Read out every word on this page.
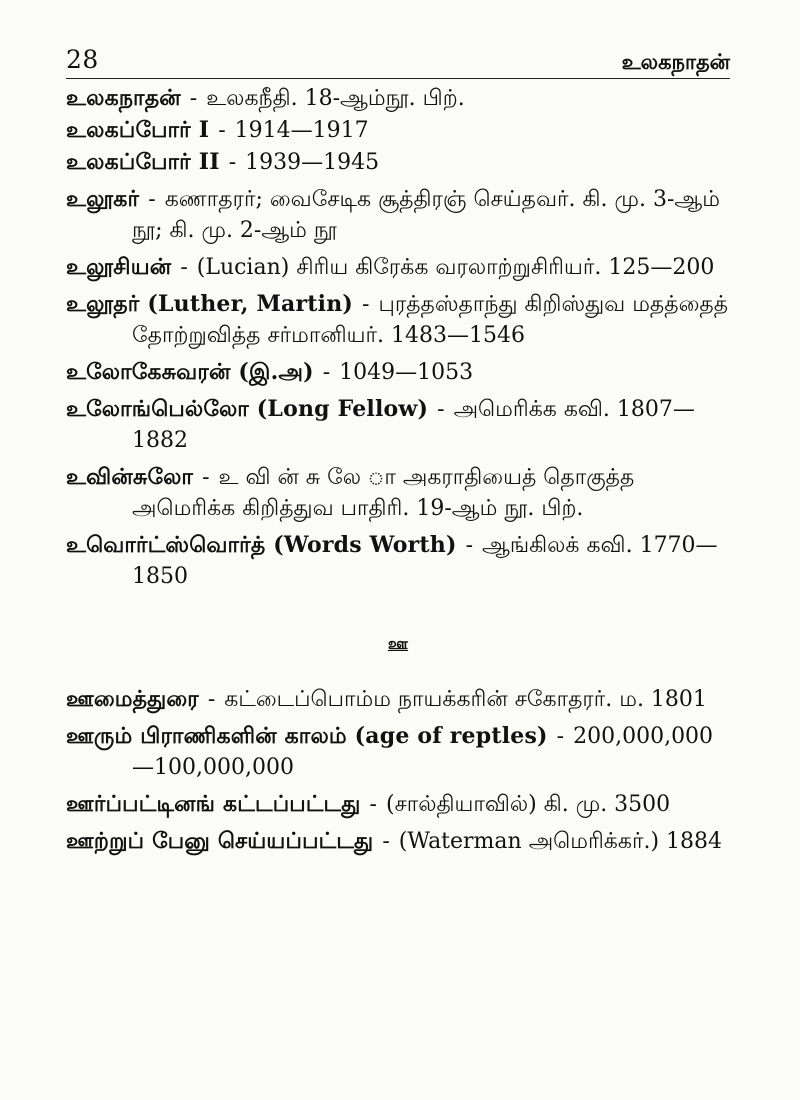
28	உலகநாதன்

உலகநாதன் - உலகநீதி. 18-ஆம்நூ. பிற்.

உலகப்போர் I - 1914—1917

உலகப்போர் II - 1939—1945

உலூகர் - கணாதரர்; வைசேடிக சூத்திரஞ் செய்தவர். கி. மு. 3-ஆம் நூ; கி. மு. 2-ஆம் நூ

உலூசியன் - (Lucian) சிரிய கிரேக்க வரலாற்றுசிரியர். 125—200

உலூதர் (Luther, Martin) - புரத்தஸ்தாந்து கிறிஸ்துவ மதத்தைத் தோற்றுவித்த சர்மானியர். 1483—1546

உலோகேசுவரன் (இ.அ) - 1049—1053

உலோங்பெல்லோ (Long Fellow) - அமெரிக்க கவி. 1807—1882

உவின்சுலோ - உ வி ன் சு லே ா அகராதியைத் தொகுத்த அமெரிக்க கிறித்துவ பாதிரி. 19-ஆம் நூ. பிற்.

உவொர்ட்ஸ்வொர்த் (Words Worth) - ஆங்கிலக் கவி. 1770—1850

ஊ

ஊமைத்துரை - கட்டைப்பொம்ம நாயக்கரின் சகோதரர். ம. 1801

ஊரும் பிராணிகளின் காலம் (age of reptles) - 200,000,000—100,000,000

ஊர்ப்பட்டினங் கட்டப்பட்டது - (சால்தியாவில்) கி. மு. 3500

ஊற்றுப் பேனு செய்யப்பட்டது - (Waterman அமெரிக்கர்.) 1884
